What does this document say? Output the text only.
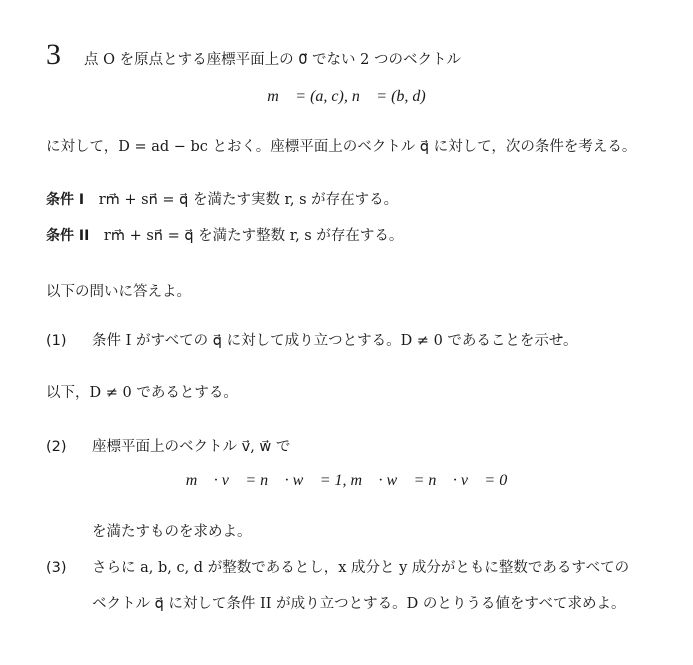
3 点 O を原点とする座標平面上の 0⃗ でない 2 つのベクトル
m⃗ = (a, c), n⃗ = (b, d)
に対して，D = ad − bc とおく。座標平面上のベクトル q⃗ に対して，次の条件を考える。
条件 I rm⃗ + sn⃗ = q⃗ を満たす実数 r, s が存在する。
条件 II rm⃗ + sn⃗ = q⃗ を満たす整数 r, s が存在する。
以下の問いに答えよ。
(1) 条件 I がすべての q⃗ に対して成り立つとする。D ≠ 0 であることを示せ。
以下，D ≠ 0 であるとする。
(2) 座標平面上のベクトル v⃗, w⃗ で
m⃗ · v⃗ = n⃗ · w⃗ = 1, m⃗ · w⃗ = n⃗ · v⃗ = 0
を満たすものを求めよ。
(3) さらに a, b, c, d が整数であるとし，x 成分と y 成分がともに整数であるすべての
ベクトル q⃗ に対して条件 II が成り立つとする。D のとりうる値をすべて求めよ。
